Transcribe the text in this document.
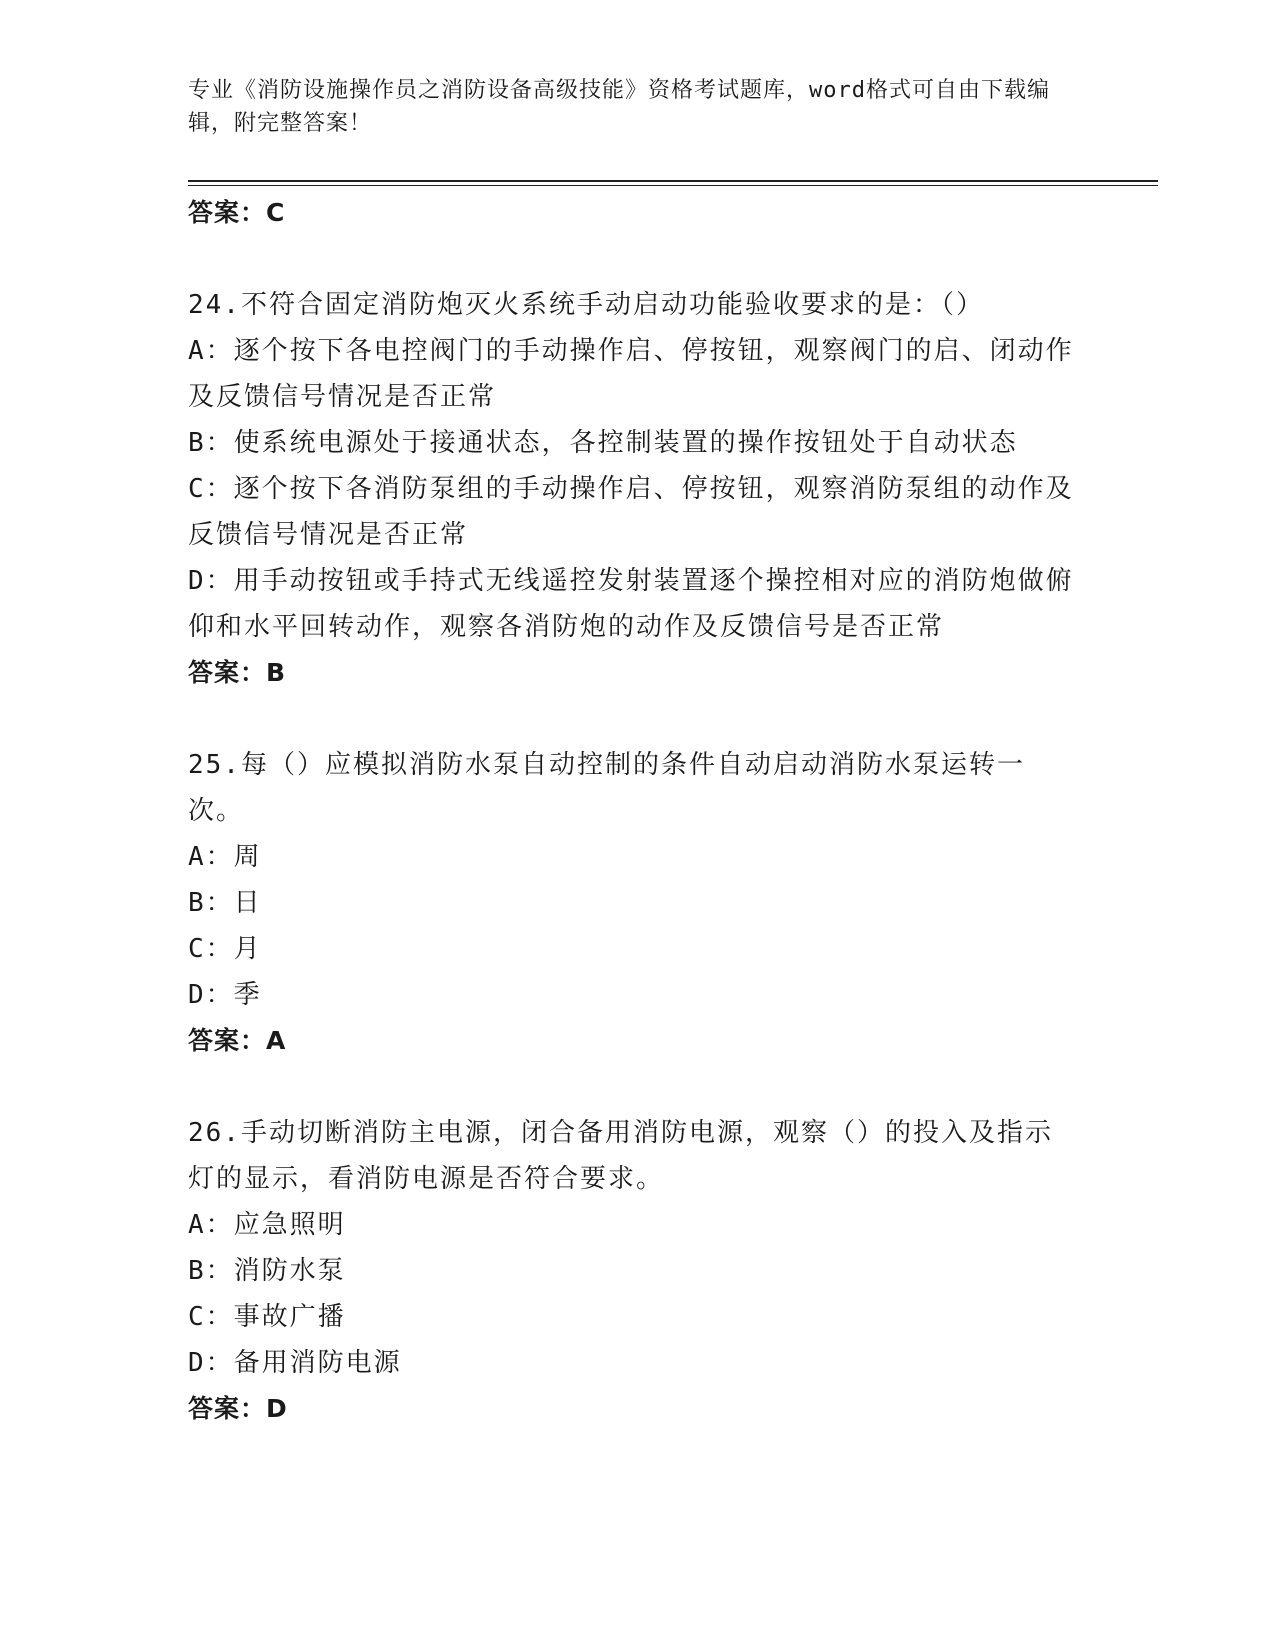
专业《消防设施操作员之消防设备高级技能》资格考试题库，word格式可自由下载编辑，附完整答案！
答案：C
24.不符合固定消防炮灭火系统手动启动功能验收要求的是：（）
A：逐个按下各电控阀门的手动操作启、停按钮，观察阀门的启、闭动作及反馈信号情况是否正常
B：使系统电源处于接通状态，各控制装置的操作按钮处于自动状态
C：逐个按下各消防泵组的手动操作启、停按钮，观察消防泵组的动作及反馈信号情况是否正常
D：用手动按钮或手持式无线遥控发射装置逐个操控相对应的消防炮做俯仰和水平回转动作，观察各消防炮的动作及反馈信号是否正常
答案：B
25.每（）应模拟消防水泵自动控制的条件自动启动消防水泵运转一次。
A：周
B：日
C：月
D：季
答案：A
26.手动切断消防主电源，闭合备用消防电源，观察（）的投入及指示灯的显示，看消防电源是否符合要求。
A：应急照明
B：消防水泵
C：事故广播
D：备用消防电源
答案：D
